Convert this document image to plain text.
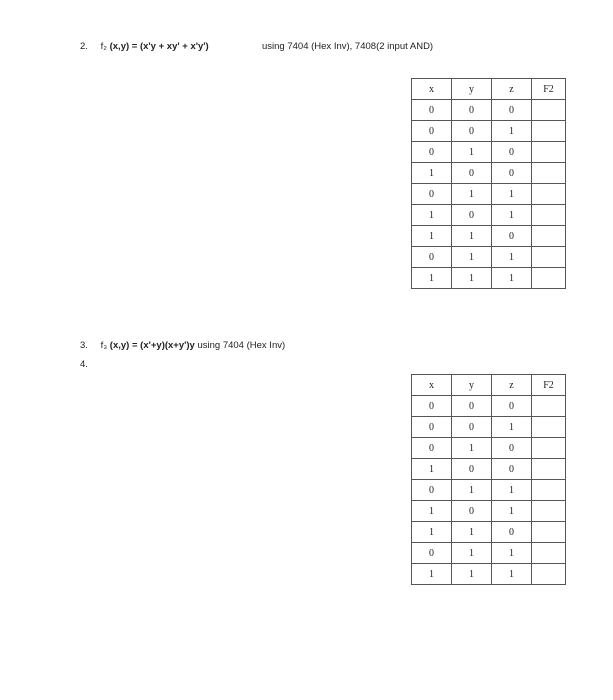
2. f₂ (x,y) = (x'y + xy' + x'y')	using 7404 (Hex Inv), 7408(2 input AND)
x	y	z	F2
0	0	0	
0	0	1	
0	1	0	
1	0	0	
0	1	1	
1	0	1	
1	1	0	
0	1	1	
1	1	1	
3. f₃ (x,y) = (x'+y)(x+y')y using 7404 (Hex Inv)
4.
x	y	z	F2
0	0	0	
0	0	1	
0	1	0	
1	0	0	
0	1	1	
1	0	1	
1	1	0	
0	1	1	
1	1	1	
